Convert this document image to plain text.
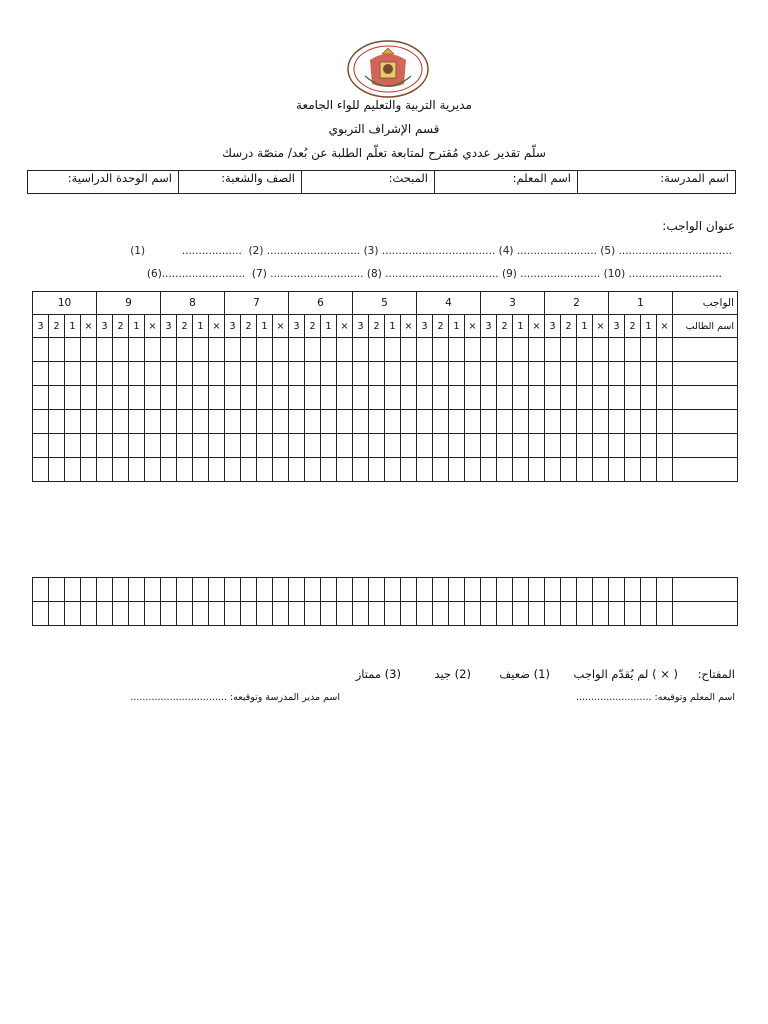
مديرية التربية والتعليم للواء الجامعة
قسم الإشراف التربوي
سلّم تقدير عددي مُقترح لمتابعة تعلّم الطلبة عن بُعد/ منصّة درسك
اسم المدرسة:	اسم المعلم:	المبحث:	الصف والشعبة:	اسم الوحدة الدراسية:
عنوان الواجب:
.................................. (5) ........................ (4) .................................. (3) ............................ (2)  ..................           (1)
............................ (10) ........................ (9) .................................. (8) ............................ (7)  .........................(6)
الواجب	1				2				3				4				5				6				7				8				9				10			
اسم الطالب	×	1	2	3	×	1	2	3	×	1	2	3	×	1	2	3	×	1	2	3	×	1	2	3	×	1	2	3	×	1	2	3	×	1	2	3	×	1	2	3

المفتاح:
( × ) لم يُقدّم الواجب
(1) ضعيف
(2) جيد
(3) ممتاز
اسم المعلم وتوقيعه: .........................
اسم مدير المدرسة وتوقيعه: ................................
